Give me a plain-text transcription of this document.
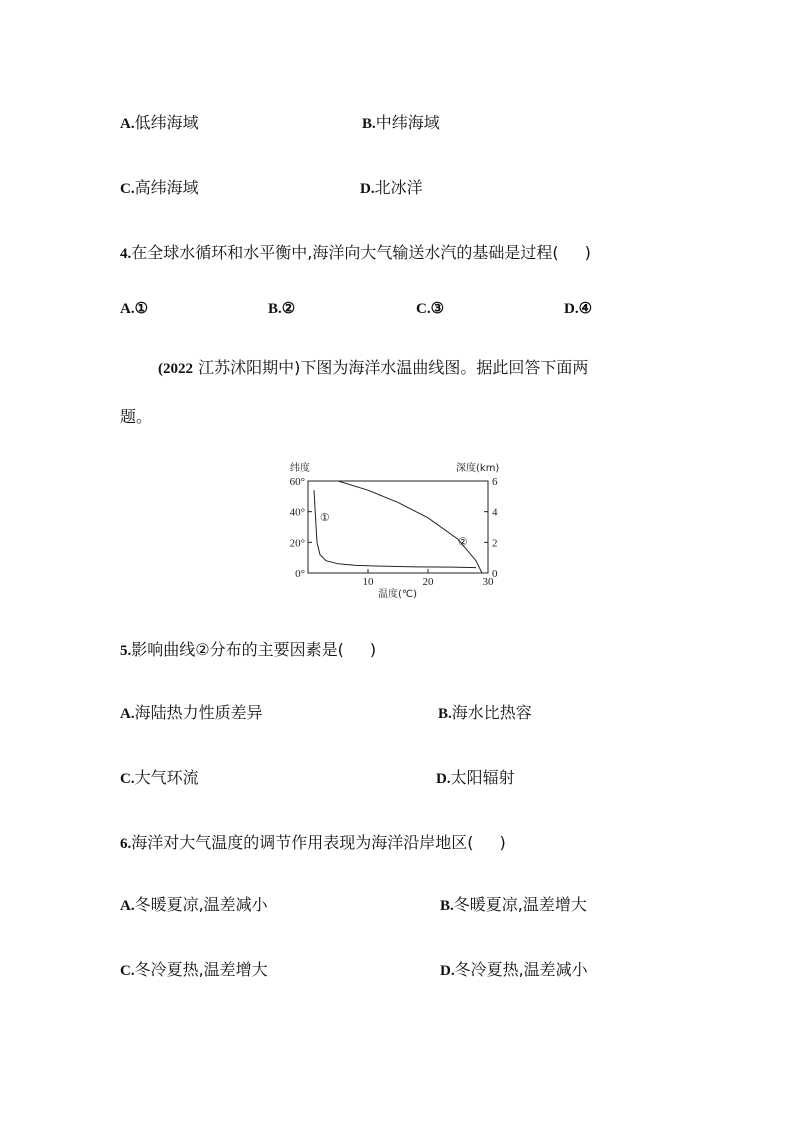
A.低纬海域	B.中纬海域
C.高纬海域	D.北冰洋
4.在全球水循环和水平衡中,海洋向大气输送水汽的基础是过程( )
A.①	B.②	C.③	D.④
(2022 江苏沭阳期中)下图为海洋水温曲线图。据此回答下面两
题。
10	20	30
60°
40°
20°
0°
6
4
2
0
①
②
纬度	深度(km)
温度(℃)
5.影响曲线②分布的主要因素是( )
A.海陆热力性质差异	B.海水比热容
C.大气环流	D.太阳辐射
6.海洋对大气温度的调节作用表现为海洋沿岸地区( )
A.冬暖夏凉,温差减小	B.冬暖夏凉,温差增大
C.冬冷夏热,温差增大	D.冬冷夏热,温差减小
